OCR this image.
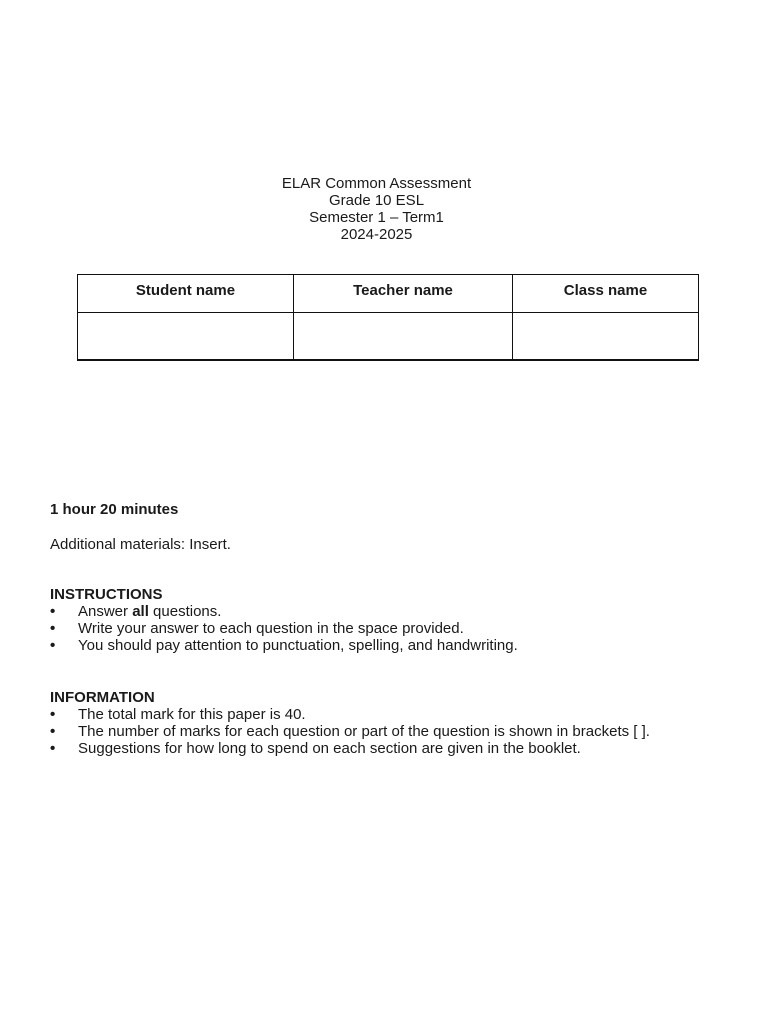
ELAR Common Assessment
Grade 10 ESL
Semester 1 – Term1
2024-2025
Student name	Teacher name	Class name

1 hour 20 minutes
Additional materials: Insert.
INSTRUCTIONS
• Answer all questions.
• Write your answer to each question in the space provided.
• You should pay attention to punctuation, spelling, and handwriting.
INFORMATION
• The total mark for this paper is 40.
• The number of marks for each question or part of the question is shown in brackets [ ].
• Suggestions for how long to spend on each section are given in the booklet.
